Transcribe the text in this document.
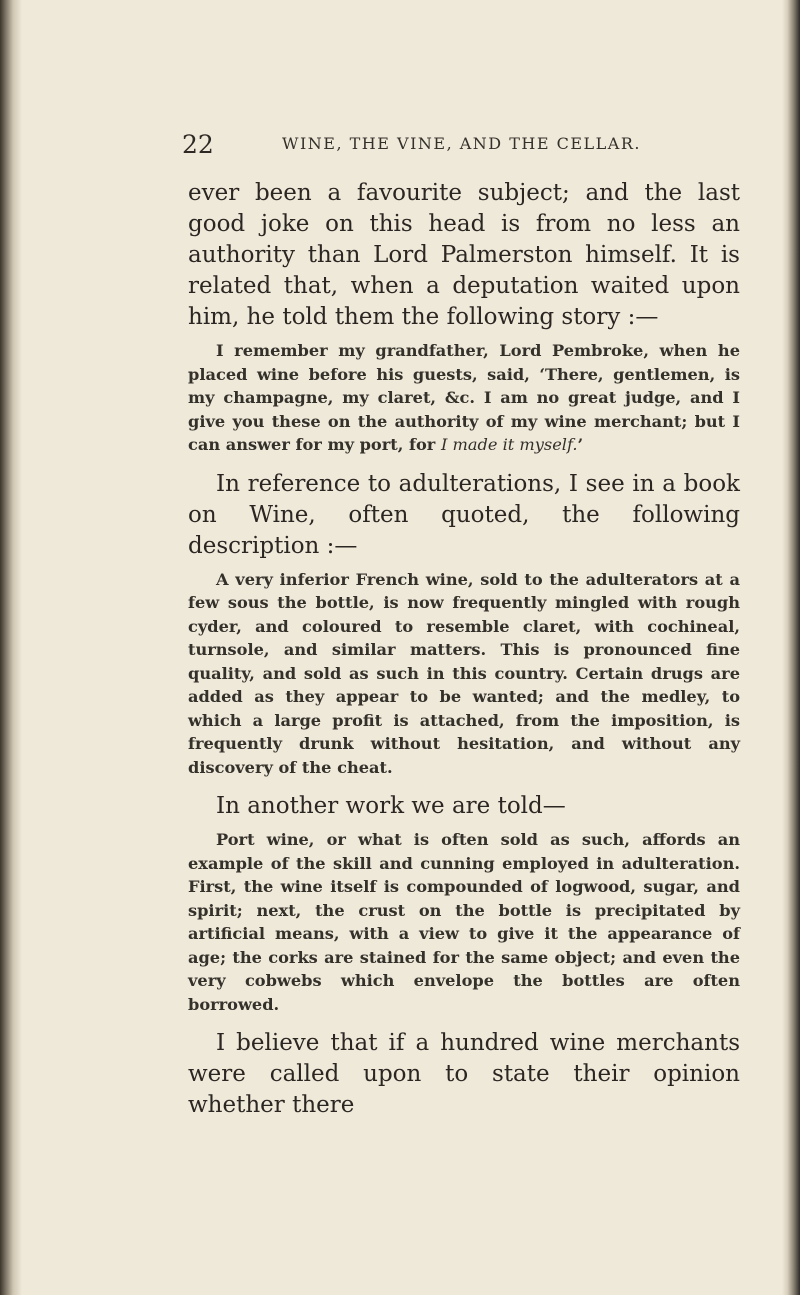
22	WINE, THE VINE, AND THE CELLAR.

ever been a favourite subject; and the last good joke on this head is from no less an authority than Lord Palmerston himself. It is related that, when a deputation waited upon him, he told them the following story :—

I remember my grandfather, Lord Pembroke, when he placed wine before his guests, said, ‘There, gentlemen, is my champagne, my claret, &c. I am no great judge, and I give you these on the authority of my wine merchant; but I can answer for my port, for I made it myself.’

In reference to adulterations, I see in a book on Wine, often quoted, the following description :—

A very inferior French wine, sold to the adulterators at a few sous the bottle, is now frequently mingled with rough cyder, and coloured to resemble claret, with cochineal, turnsole, and similar matters. This is pronounced fine quality, and sold as such in this country. Certain drugs are added as they appear to be wanted; and the medley, to which a large profit is attached, from the imposition, is frequently drunk without hesitation, and without any discovery of the cheat.

In another work we are told—

Port wine, or what is often sold as such, affords an example of the skill and cunning employed in adulteration. First, the wine itself is compounded of logwood, sugar, and spirit; next, the crust on the bottle is precipitated by artificial means, with a view to give it the appearance of age; the corks are stained for the same object; and even the very cobwebs which envelope the bottles are often borrowed.

I believe that if a hundred wine merchants were called upon to state their opinion whether there
